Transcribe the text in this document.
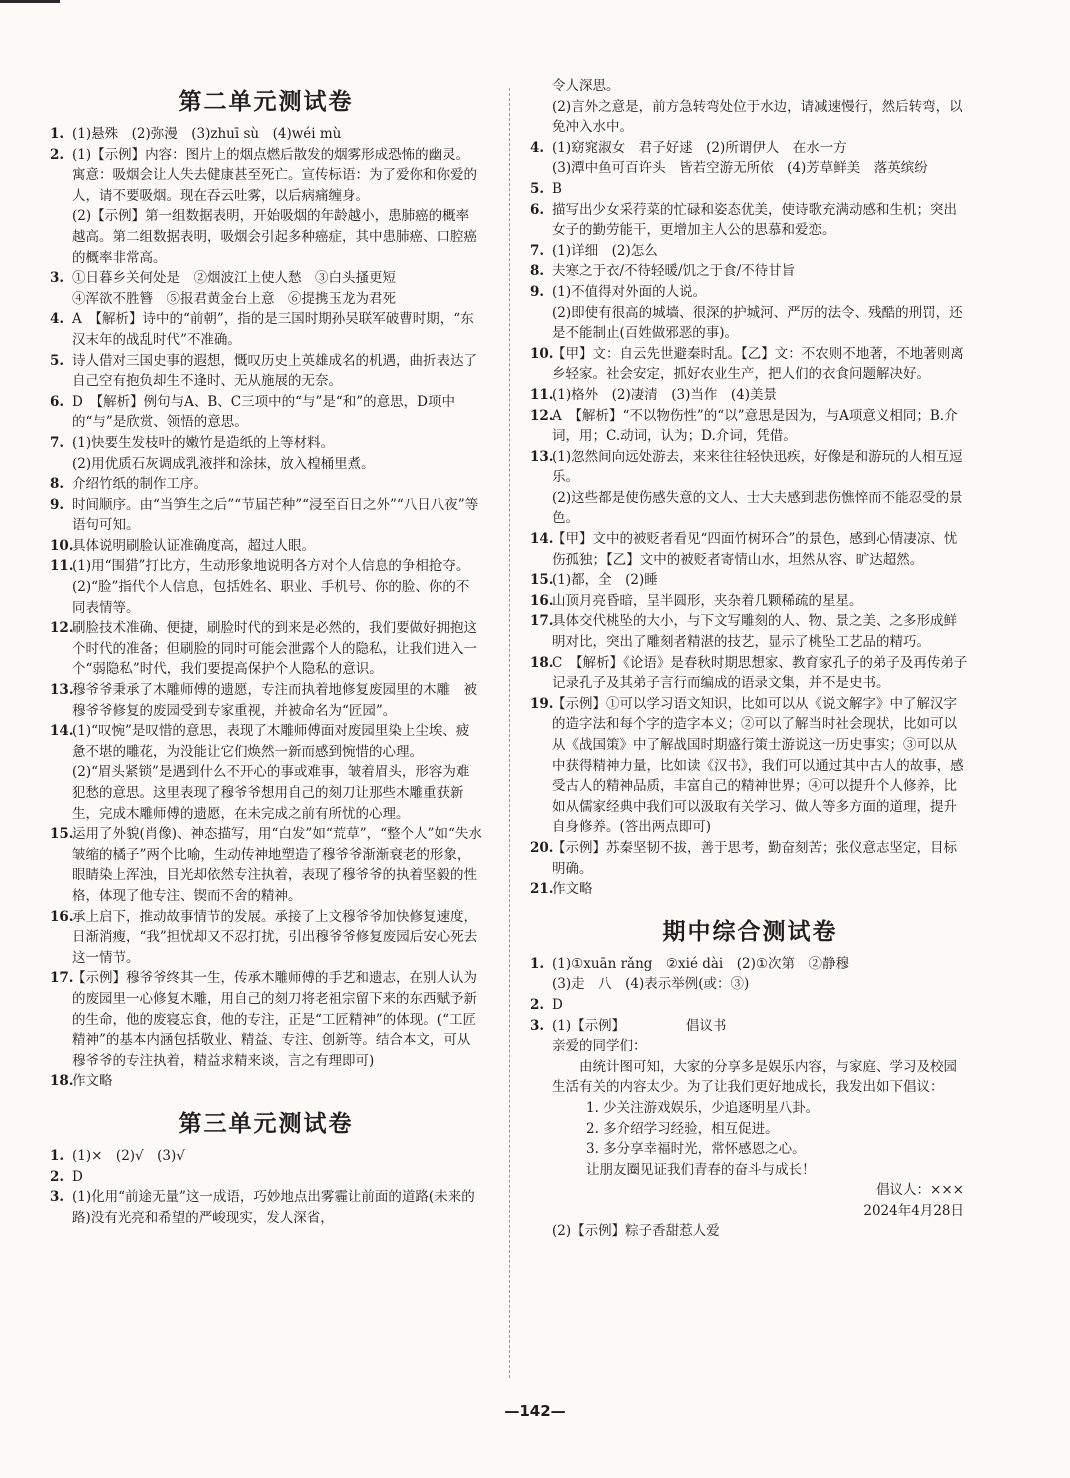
第二单元测试卷
1. (1)悬殊　(2)弥漫　(3)zhuī sù　(4)wéi mù

2. (1)【示例】内容：图片上的烟点燃后散发的烟雾形成恐怖的幽灵。寓意：吸烟会让人失去健康甚至死亡。宣传标语：为了爱你和你爱的人，请不要吸烟。现在吞云吐雾，以后病痛缠身。

(2)【示例】第一组数据表明，开始吸烟的年龄越小，患肺癌的概率越高。第二组数据表明，吸烟会引起多种癌症，其中患肺癌、口腔癌的概率非常高。

3. ①日暮乡关何处是　②烟波江上使人愁　③白头搔更短

④浑欲不胜簪　⑤报君黄金台上意　⑥提携玉龙为君死

4. A　【解析】诗中的“前朝”，指的是三国时期孙吴联军破曹时期，“东汉末年的战乱时代”不准确。

5. 诗人借对三国史事的遐想，慨叹历史上英雄成名的机遇，曲折表达了自己空有抱负却生不逢时、无从施展的无奈。

6. D　【解析】例句与A、B、C三项中的“与”是“和”的意思，D项中的“与”是欣赏、领悟的意思。

7. (1)快要生发枝叶的嫩竹是造纸的上等材料。

(2)用优质石灰调成乳液拌和涂抹，放入楻桶里煮。

8. 介绍竹纸的制作工序。

9. 时间顺序。由“当笋生之后”“节届芒种”“浸至百日之外”“八日八夜”等语句可知。

10.

具体说明刷脸认证准确度高，超过人眼。

11.

(1)用“围猎”打比方，生动形象地说明各方对个人信息的争相抢夺。

(2)“脸”指代个人信息，包括姓名、职业、手机号、你的脸、你的不同表情等。

12.

刷脸技术准确、便捷，刷脸时代的到来是必然的，我们要做好拥抱这个时代的准备；但刷脸的同时可能会泄露个人的隐私，让我们进入一个“弱隐私”时代，我们要提高保护个人隐私的意识。

13.

穆爷爷秉承了木雕师傅的遗愿，专注而执着地修复废园里的木雕　被穆爷爷修复的废园受到专家重视，并被命名为“匠园”。

14.

(1)“叹惋”是叹惜的意思，表现了木雕师傅面对废园里染上尘埃、疲惫不堪的雕花，为没能让它们焕然一新而感到惋惜的心理。

(2)“眉头紧锁”是遇到什么不开心的事或难事，皱着眉头，形容为难犯愁的意思。这里表现了穆爷爷想用自己的刻刀让那些木雕重获新生，完成木雕师傅的遗愿，在未完成之前有所忧的心理。

15.

运用了外貌(肖像)、神态描写，用“白发”如“荒草”，“整个人”如“失水皱缩的橘子”两个比喻，生动传神地塑造了穆爷爷渐渐衰老的形象，眼睛染上浑浊，目光却依然专注执着，表现了穆爷爷的执着坚毅的性格，体现了他专注、锲而不舍的精神。

16.

承上启下，推动故事情节的发展。承接了上文穆爷爷加快修复速度，日渐消瘦，“我”担忧却又不忍打扰，引出穆爷爷修复废园后安心死去这一情节。

17.

【示例】穆爷爷终其一生，传承木雕师傅的手艺和遗志，在别人认为的废园里一心修复木雕，用自己的刻刀将老祖宗留下来的东西赋予新的生命，他的废寝忘食，他的专注，正是“工匠精神”的体现。(“工匠精神”的基本内涵包括敬业、精益、专注、创新等。结合本文，可从穆爷爷的专注执着，精益求精来谈，言之有理即可)

18.

作文略

第三单元测试卷
1. (1)×　(2)√　(3)√

2. D

3. (1)化用“前途无量”这一成语，巧妙地点出雾霾让前面的道路(未来的路)没有光亮和希望的严峻现实，发人深省，

令人深思。
(2)言外之意是，前方急转弯处位于水边，请减速慢行，然后转弯，以免冲入水中。
4. (1)窈窕淑女　君子好逑　(2)所谓伊人　在水一方

(3)潭中鱼可百许头　皆若空游无所依　(4)芳草鲜美　落英缤纷

5. B

6. 描写出少女采荇菜的忙碌和姿态优美，使诗歌充满动感和生机；突出女子的勤劳能干，更增加主人公的思慕和爱恋。

7. (1)详细　(2)怎么

8. 夫寒之于衣/不待轻暖/饥之于食/不待甘旨

9. (1)不值得对外面的人说。

(2)即使有很高的城墙、很深的护城河、严厉的法令、残酷的刑罚，还是不能制止(百姓做邪恶的事)。

10.

【甲】文：自云先世避秦时乱。【乙】文：不农则不地著，不地著则离乡轻家。社会安定，抓好农业生产，把人们的衣食问题解决好。

11.

(1)格外　(2)凄清　(3)当作　(4)美景

12.

A　【解析】“不以物伤性”的“以”意思是因为，与A项意义相同；B.介词，用；C.动词，认为；D.介词，凭借。

13.

(1)忽然间向远处游去，来来往往轻快迅疾，好像是和游玩的人相互逗乐。

(2)这些都是使伤感失意的文人、士大夫感到悲伤憔悴而不能忍受的景色。

14.

【甲】文中的被贬者看见“四面竹树环合”的景色，感到心情凄凉、忧伤孤独；【乙】文中的被贬者寄情山水，坦然从容、旷达超然。

15.

(1)都，全　(2)睡

16.

山顶月亮昏暗，呈半圆形，夹杂着几颗稀疏的星星。

17.

具体交代桃坠的大小，与下文写雕刻的人、物、景之美、之多形成鲜明对比，突出了雕刻者精湛的技艺，显示了桃坠工艺品的精巧。

18.

C　【解析】《论语》是春秋时期思想家、教育家孔子的弟子及再传弟子记录孔子及其弟子言行而编成的语录文集，并不是史书。

19.

【示例】①可以学习语文知识，比如可以从《说文解字》中了解汉字的造字法和每个字的造字本义；②可以了解当时社会现状，比如可以从《战国策》中了解战国时期盛行策士游说这一历史事实；③可以从中获得精神力量，比如读《汉书》，我们可以通过其中古人的故事，感受古人的精神品质，丰富自己的精神世界；④可以提升个人修养，比如从儒家经典中我们可以汲取有关学习、做人等多方面的道理，提升自身修养。(答出两点即可)

20.

【示例】苏秦坚韧不拔，善于思考，勤奋刻苦；张仪意志坚定，目标明确。

21.

作文略

期中综合测试卷
1. (1)①xuān rǎng　②xié dài　(2)①次第　②静穆

(3)走　八　(4)表示举例(或：③)

2. D

3. (1)【示例】　　　　　倡议书

亲爱的同学们：
　　由统计图可知，大家的分享多是娱乐内容，与家庭、学习及校园生活有关的内容太少。为了让我们更好地成长，我发出如下倡议：
1. 少关注游戏娱乐，少追逐明星八卦。
2. 多介绍学习经验，相互促进。
3. 多分享幸福时光，常怀感恩之心。
让朋友圈见证我们青春的奋斗与成长！
倡议人：×××
2024年4月28日
(2)【示例】粽子香甜惹人爱
—142—
